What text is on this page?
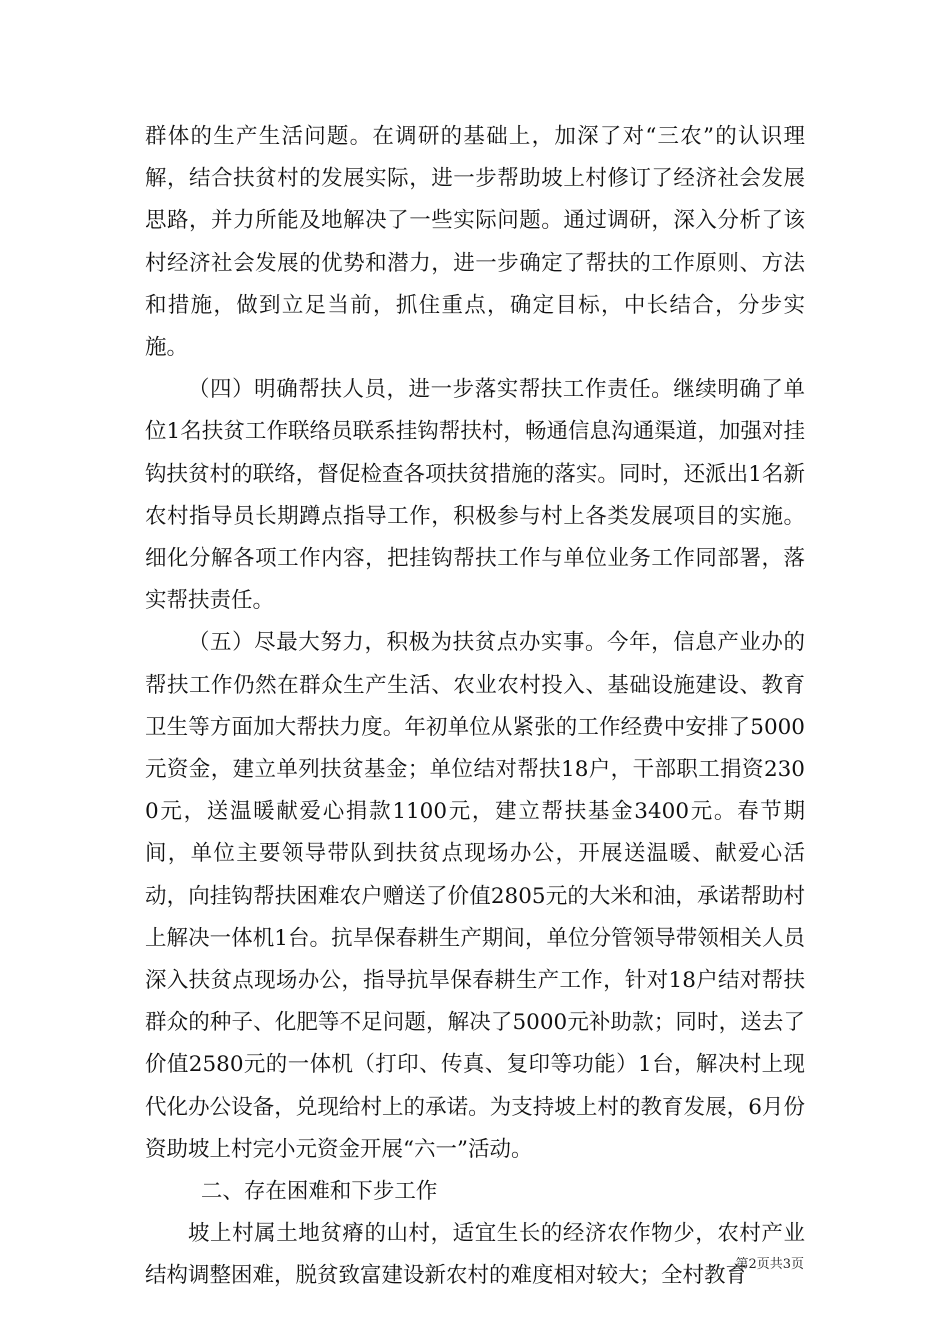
群体的生产生活问题。在调研的基础上，加深了对“三农”的认识理解，结合扶贫村的发展实际，进一步帮助坡上村修订了经济社会发展思路，并力所能及地解决了一些实际问题。通过调研，深入分析了该村经济社会发展的优势和潜力，进一步确定了帮扶的工作原则、方法和措施，做到立足当前，抓住重点，确定目标，中长结合，分步实施。

（四）明确帮扶人员，进一步落实帮扶工作责任。继续明确了单位1名扶贫工作联络员联系挂钩帮扶村，畅通信息沟通渠道，加强对挂钩扶贫村的联络，督促检查各项扶贫措施的落实。同时，还派出1名新农村指导员长期蹲点指导工作，积极参与村上各类发展项目的实施。细化分解各项工作内容，把挂钩帮扶工作与单位业务工作同部署，落实帮扶责任。

（五）尽最大努力，积极为扶贫点办实事。今年，信息产业办的帮扶工作仍然在群众生产生活、农业农村投入、基础设施建设、教育卫生等方面加大帮扶力度。年初单位从紧张的工作经费中安排了5000元资金，建立单列扶贫基金；单位结对帮扶18户，干部职工捐资2300元，送温暖献爱心捐款1100元，建立帮扶基金3400元。春节期间，单位主要领导带队到扶贫点现场办公，开展送温暖、献爱心活动，向挂钩帮扶困难农户赠送了价值2805元的大米和油，承诺帮助村上解决一体机1台。抗旱保春耕生产期间，单位分管领导带领相关人员深入扶贫点现场办公，指导抗旱保春耕生产工作，针对18户结对帮扶群众的种子、化肥等不足问题，解决了5000元补助款；同时，送去了价值2580元的一体机（打印、传真、复印等功能）1台，解决村上现代化办公设备，兑现给村上的承诺。为支持坡上村的教育发展，6月份资助坡上村完小元资金开展“六一”活动。

二、存在困难和下步工作

坡上村属土地贫瘠的山村，适宜生长的经济农作物少，农村产业结构调整困难，脱贫致富建设新农村的难度相对较大；全村教育

第2页共3页
